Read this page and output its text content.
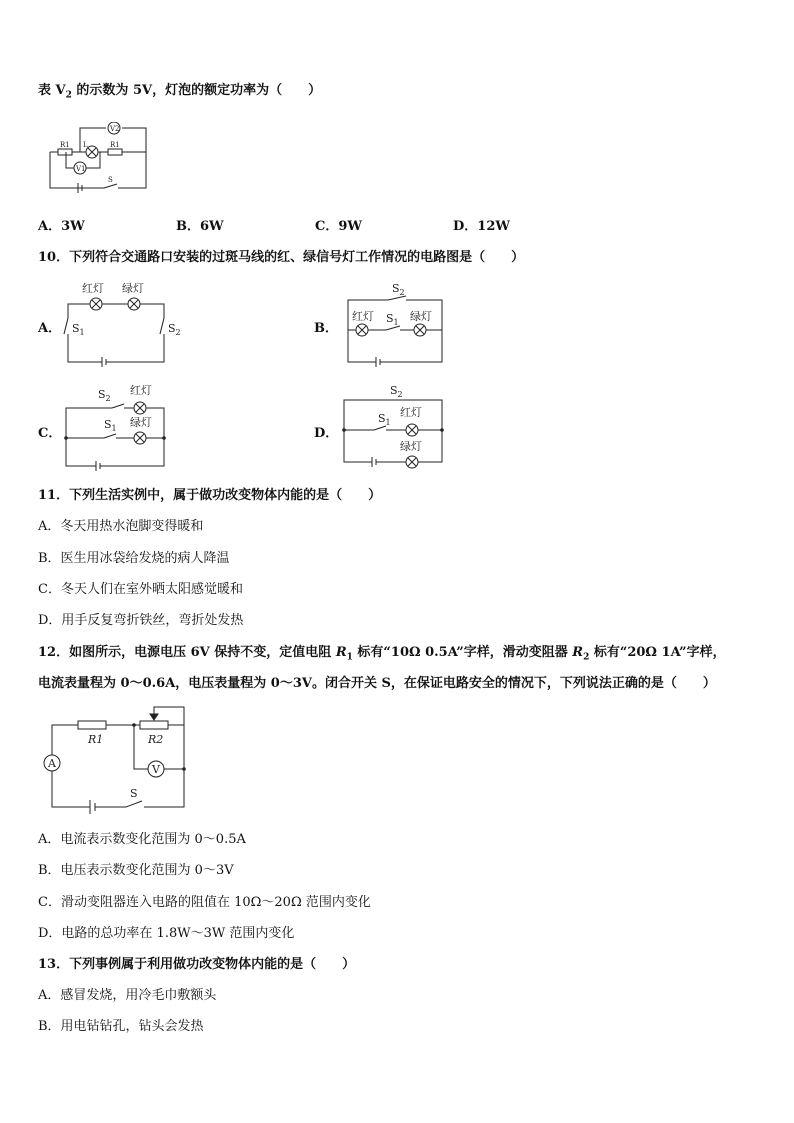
表 $V_2$ 的示数为 5V，灯泡的额定功率为（　　）
R1 L	R1
V2
V1
S
A．3W	B．6W	C．9W	D．12W
10．下列符合交通路口安装的过斑马线的红、绿信号灯工作情况的电路图是（　　）
A．
红灯 绿灯
$S_1$	$S_2$	B．
$S_2$
红灯 $S_1$ 绿灯
C．
$S_2$
红灯
$S_1$ 绿灯
D．
$S_2$
红灯
$S_1$
绿灯
11．下列生活实例中，属于做功改变物体内能的是（　　）
A．冬天用热水泡脚变得暖和
B．医生用冰袋给发烧的病人降温
C．冬天人们在室外晒太阳感觉暖和
D．用手反复弯折铁丝，弯折处发热
12．如图所示，电源电压 6V 保持不变，定值电阻 $R_1$ 标有“10Ω 0.5A”字样，滑动变阻器 $R_2$ 标有“20Ω 1A”字样，
电流表量程为 0～0.6A，电压表量程为 0～3V。闭合开关 S，在保证电路安全的情况下，下列说法正确的是（　　）
A	V
R1	R2
S
A．电流表示数变化范围为 0～0.5A
B．电压表示数变化范围为 0～3V
C．滑动变阻器连入电路的阻值在 10Ω～20Ω 范围内变化
D．电路的总功率在 1.8W～3W 范围内变化
13．下列事例属于利用做功改变物体内能的是（　　）
A．感冒发烧，用冷毛巾敷额头
B．用电钻钻孔，钻头会发热
